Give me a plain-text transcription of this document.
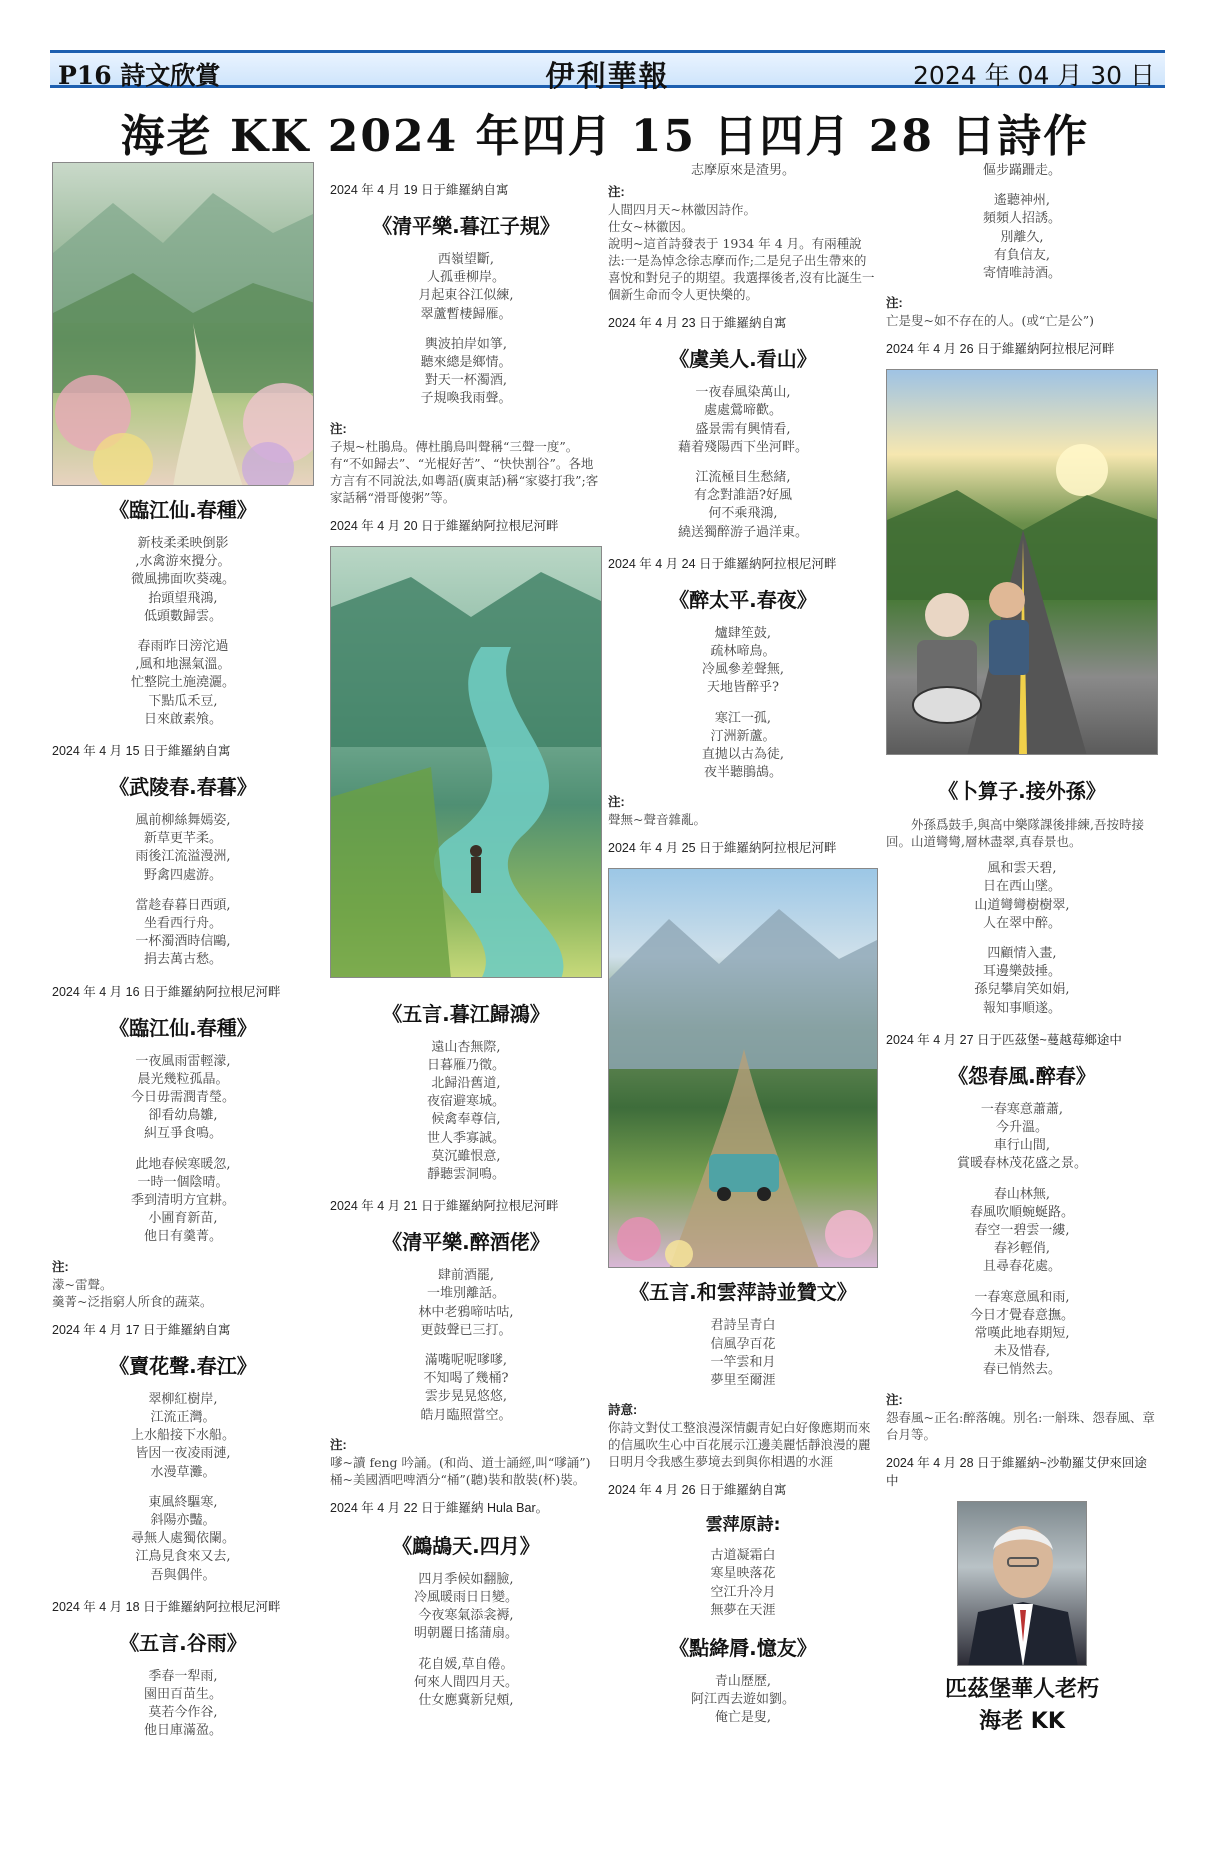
P16 詩文欣賞	伊利華報	2024 年 04 月 30 日
海老 KK 2024 年四月 15 日四月 28 日詩作
《臨江仙.春種》
新枝柔柔映倒影
,水禽游來攪分。
微風拂面吹葵魂。
抬頭望飛鴻,
低頭數歸雲。
春雨昨日滂沱過
,風和地濕氣溫。
忙整院土施澆灑。
下點瓜禾豆,
日來啟素飧。
2024 年 4 月 15 日于維羅納自寓
《武陵春.春暮》
風前柳絲舞嫣姿,
新草更芊柔。
雨後江流溢漫洲,
野禽四處游。
當趁春暮日西頭,
坐看西行舟。
一杯濁酒時信鷗,
捐去萬古愁。
2024 年 4 月 16 日于維羅納阿拉根尼河畔
《臨江仙.春種》
一夜風雨雷輕濛,
晨光幾粒孤晶。
今日毋需潤青瑩。
卻看幼鳥雛,
糾互爭食鳴。
此地春候寒暖忽,
一時一個陰晴。
季到清明方宜耕。
小圃育新苗,
他日有羹菁。
注:
濛~雷聲。
羹菁~泛指窮人所食的蔬菜。
2024 年 4 月 17 日于維羅納自寓
《賣花聲.春江》
翠柳紅樹岸,
江流正灣。
上水船接下水船。
皆因一夜凌雨漣,
水漫草灘。
東風終驅寒,
斜陽亦豔。
尋無人處獨依闌。
江鳥見食來又去,
吾與偶伴。
2024 年 4 月 18 日于維羅納阿拉根尼河畔
《五言.谷雨》
季春一犁雨,
園田百苗生。
莫若今作谷,
他日庫滿盈。
2024 年 4 月 19 日于維羅納自寓
《清平樂.暮江子規》
西嶺望斷,
人孤垂柳岸。
月起東谷江似練,
翠蘆暫棲歸雁。
輿波拍岸如箏,
聽來總是鄉情。
對天一杯濁酒,
子規喚我雨聲。
注:
子規~杜鵑鳥。傳杜鵑鳥叫聲稱“三聲一度”。有“不如歸去”、“光棍好苦”、“快快割谷”。各地方言有不同說法,如粵語(廣東話)稱“家婆打我”;客家話稱“滑哥傻粥”等。
2024 年 4 月 20 日于維羅納阿拉根尼河畔
《五言.暮江歸鴻》
遠山杏無際,
日暮雁乃徵。
北歸沿舊道,
夜宿避寒城。
候禽奉尊信,
世人季寡誠。
莫沉雖恨意,
靜聽雲洞鳴。
2024 年 4 月 21 日于維羅納阿拉根尼河畔
《清平樂.醉酒佬》
肆前酒罷,
一堆別離話。
林中老鴉啼咕咕,
更鼓聲已三打。
滿嘴呢呢嗲嗲,
不知喝了幾桶?
雲步晃晃悠悠,
皓月臨照當空。
注:
嗲~讀 feng 吟誦。(和尚、道士誦經,叫“嗲誦”)桶~美國酒吧啤酒分“桶”(聽)裝和散裝(杯)裝。
2024 年 4 月 22 日于維羅納 Hula Bar。
《鷓鴣天.四月》
四月季候如翻臉,
冷風暖雨日日變。
今夜寒氣添衾褥,
明朝麗日搖蒲扇。
花自媛,草自倦。
何來人間四月天。
仕女應冀新兒頰,
志摩原來是渣男。
注:
人間四月天~林徽因詩作。
仕女~林徽因。
說明~這首詩發表于 1934 年 4 月。有兩種說法:一是為悼念徐志摩而作;二是兒子出生帶來的喜悅和對兒子的期望。我選擇後者,沒有比誕生一個新生命而令人更快樂的。
2024 年 4 月 23 日于維羅納自寓
《虞美人.看山》
一夜春風染萬山,
處處鶯啼歡。
盛景需有興情看,
藉着殘陽西下坐河畔。
江流極目生愁緒,
有念對誰語?好風
何不乘飛鴻,
繞送獨醉游子過洋東。
2024 年 4 月 24 日于維羅納阿拉根尼河畔
《醉太平.春夜》
爐肆笙鼓,
疏林啼鳥。
冷風參差聲無,
天地皆醉乎?
寒江一孤,
汀洲新蘆。
直拋以古為徒,
夜半聽鵑鴣。
注:
聲無~聲音雜亂。
2024 年 4 月 25 日于維羅納阿拉根尼河畔
《五言.和雲萍詩並贊文》
君詩呈青白
信風孕百花
一竿雲和月
夢里至爾涯
詩意:
你詩文對仗工整浪漫深情覷青妃白好像應期而來的信風吹生心中百花展示江邊美麗恬靜浪漫的麗日明月令我感生夢境去到與你相遇的水涯
2024 年 4 月 26 日于維羅納自寓
雲萍原詩:
古道凝霜白
寒星映落花
空江升冷月
無夢在天涯
《點絳脣.憶友》
青山歷歷,
阿江西去遊如劉。
俺亡是叟,
傴步蹣跚走。
遙聽神州,
頻頻人招誘。
別離久,
有負信友,
寄情唯詩酒。
注:
亡是叟~如不存在的人。(或“亡是公”)
2024 年 4 月 26 日于維羅納阿拉根尼河畔
《卜算子.接外孫》
外孫爲鼓手,與高中樂隊課後排練,吾按時接回。山道彎彎,層林盡翠,真春景也。
風和雲天碧,
日在西山墜。
山道彎彎樹樹翠,
人在翠中醉。
四顧情入畫,
耳邊樂鼓捶。
孫兒攀肩笑如娟,
報知事順遂。
2024 年 4 月 27 日于匹茲堡~蔓越莓鄉途中
《怨春風.醉春》
一春寒意蕭蕭,
今升溫。
車行山間,
賞暖春林茂花盛之景。
春山林無,
春風吹順蜿蜒路。
春空一碧雲一縷,
春衫輕俏,
且尋春花處。
一春寒意風和雨,
今日才覺春意撫。
常嘆此地春期短,
未及惜春,
春已悄然去。
注:
怨春風~正名:醉落魄。別名:一斛珠、怨春風、章台月等。
2024 年 4 月 28 日于維羅納~沙勒羅艾伊來回途中
匹茲堡華人老朽
海老 KK
